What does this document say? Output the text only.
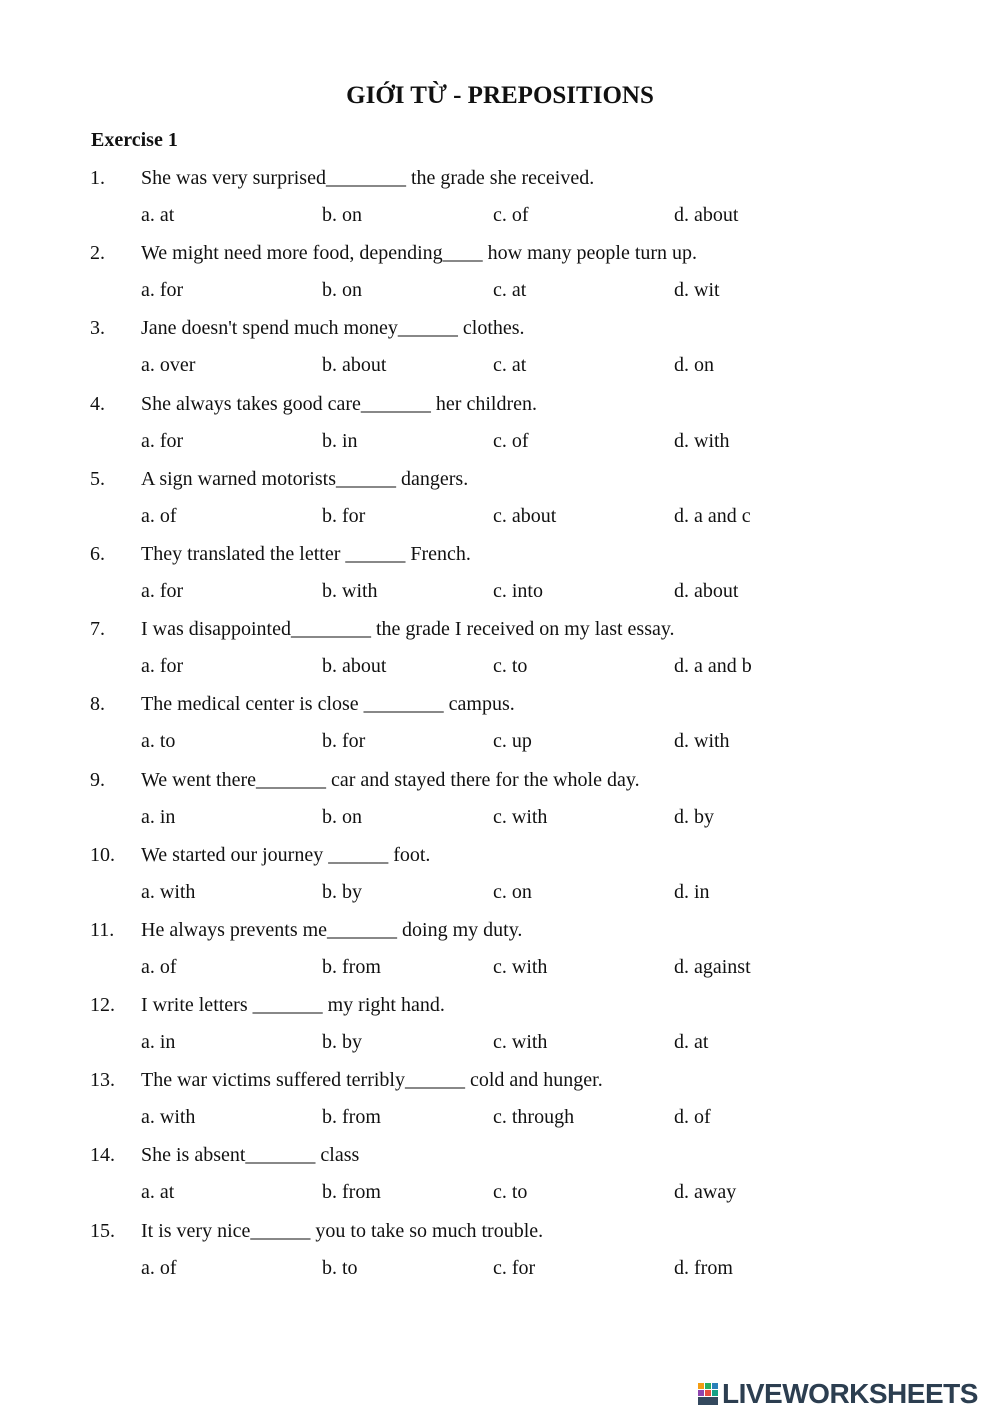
GIỚI TỪ - PREPOSITIONS
Exercise 1
1. She was very surprised________ the grade she received.
a. at	b. on	c. of	d. about
2. We might need more food, depending____ how many people turn up.
a. for	b. on	c. at	d. wit
3. Jane doesn't spend much money______ clothes.
a. over	b. about	c. at	d. on
4. She always takes good care_______ her children.
a. for	b. in	c. of	d. with
5. A sign warned motorists______ dangers.
a. of	b. for	c. about	d. a and c
6. They translated the letter ______ French.
a. for	b. with	c. into	d. about
7. I was disappointed________ the grade I received on my last essay.
a. for	b. about	c. to	d. a and b
8. The medical center is close ________ campus.
a. to	b. for	c. up	d. with
9. We went there_______ car and stayed there for the whole day.
a. in	b. on	c. with	d. by
10. We started our journey ______ foot.
a. with	b. by	c. on	d. in
11. He always prevents me_______ doing my duty.
a. of	b. from	c. with	d. against
12. I write letters _______ my right hand.
a. in	b. by	c. with	d. at
13. The war victims suffered terribly______ cold and hunger.
a. with	b. from	c. through	d. of
14. She is absent_______ class
a. at	b. from	c. to	d. away
15. It is very nice______ you to take so much trouble.
a. of	b. to	c. for	d. from
LIVEWORKSHEETS
